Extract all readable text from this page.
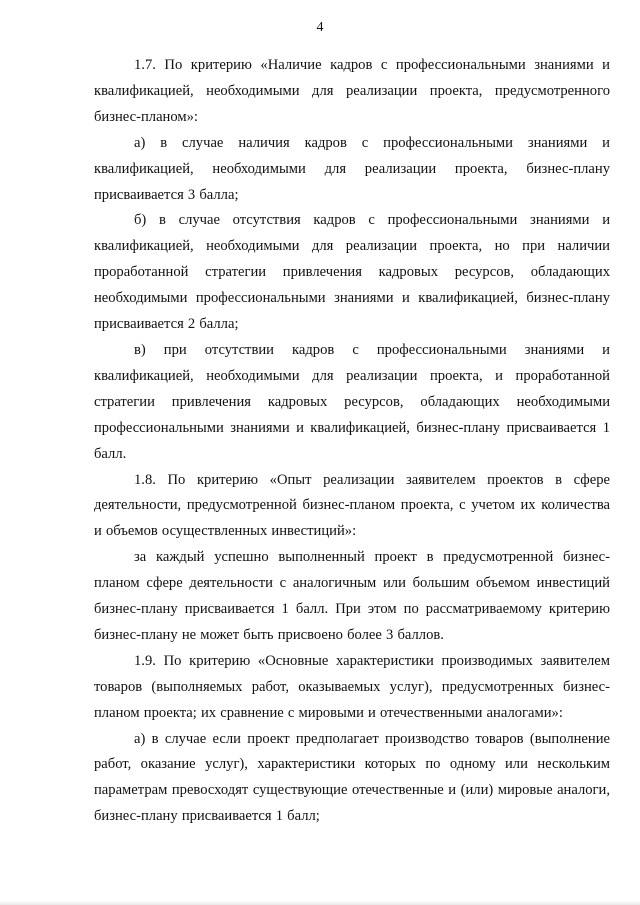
4

1.7. По критерию «Наличие кадров с профессиональными знаниями и квалификацией, необходимыми для реализации проекта, предусмотренного бизнес-планом»:

а) в случае наличия кадров с профессиональными знаниями и квалификацией, необходимыми для реализации проекта, бизнес-плану присваивается 3 балла;

б) в случае отсутствия кадров с профессиональными знаниями и квалификацией, необходимыми для реализации проекта, но при наличии проработанной стратегии привлечения кадровых ресурсов, обладающих необходимыми профессиональными знаниями и квалификацией, бизнес-плану присваивается 2 балла;

в) при отсутствии кадров с профессиональными знаниями и квалификацией, необходимыми для реализации проекта, и проработанной стратегии привлечения кадровых ресурсов, обладающих необходимыми профессиональными знаниями и квалификацией, бизнес-плану присваивается 1 балл.

1.8. По критерию «Опыт реализации заявителем проектов в сфере деятельности, предусмотренной бизнес-планом проекта, с учетом их количества и объемов осуществленных инвестиций»:

за каждый успешно выполненный проект в предусмотренной бизнес-планом сфере деятельности с аналогичным или большим объемом инвестиций бизнес-плану присваивается 1 балл. При этом по рассматриваемому критерию бизнес-плану не может быть присвоено более 3 баллов.

1.9. По критерию «Основные характеристики производимых заявителем товаров (выполняемых работ, оказываемых услуг), предусмотренных бизнес-планом проекта; их сравнение с мировыми и отечественными аналогами»:

а) в случае если проект предполагает производство товаров (выполнение работ, оказание услуг), характеристики которых по одному или нескольким параметрам превосходят существующие отечественные и (или) мировые аналоги, бизнес-плану присваивается 1 балл;
